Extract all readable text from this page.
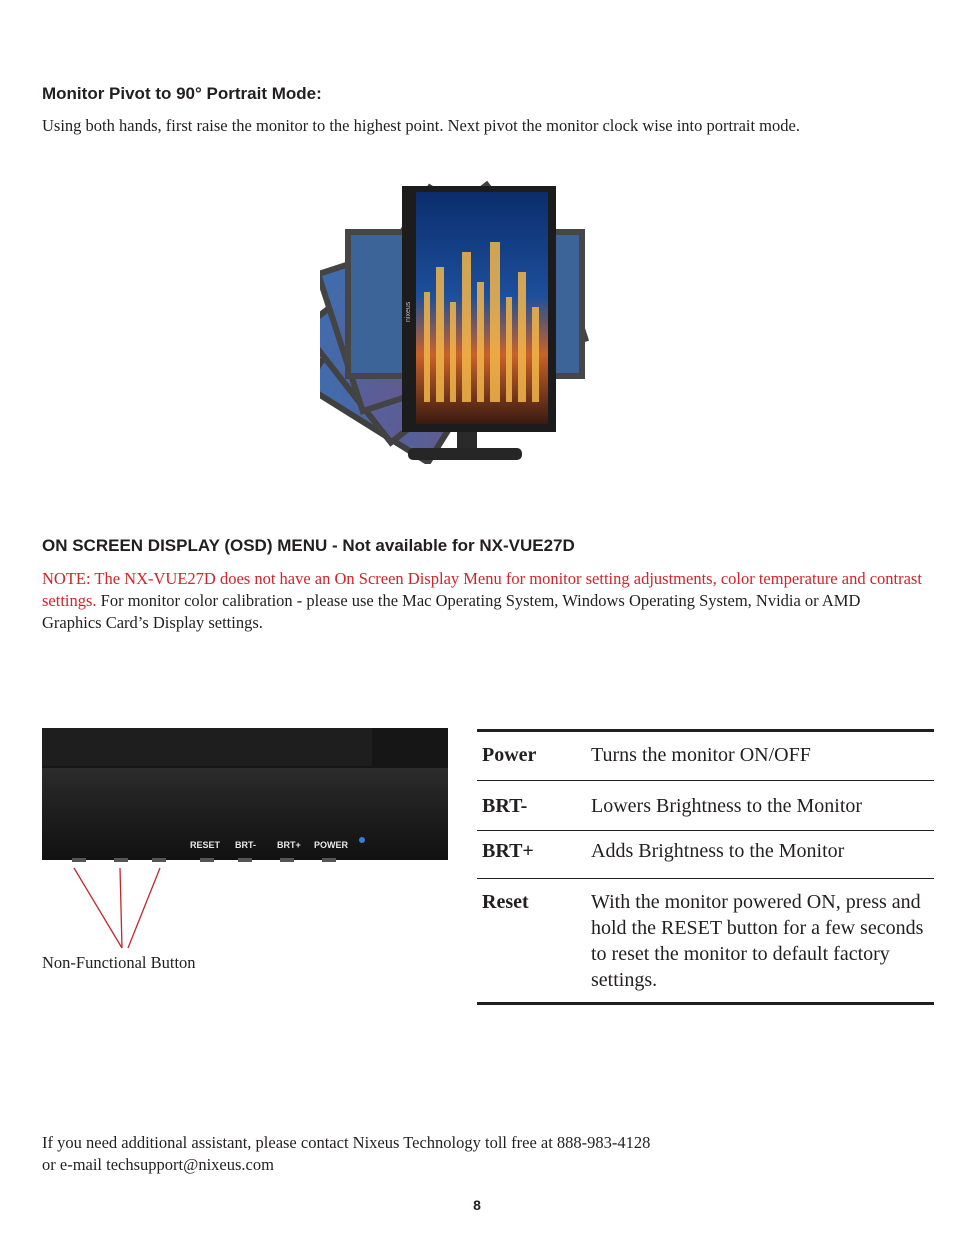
Monitor Pivot to 90° Portrait Mode:

Using both hands, first raise the monitor to the highest point. Next pivot the monitor clock wise into portrait mode.

nixeus
ON SCREEN DISPLAY (OSD) MENU - Not available for NX-VUE27D

NOTE: The NX-VUE27D does not have an On Screen Display Menu for monitor setting adjustments, color temperature and contrast settings. For monitor color calibration - please use the Mac Operating System, Windows Operating System, Nvidia or AMD Graphics Card’s Display settings.

RESET BRT- BRT+ POWER
Non-Functional Button
Power	Turns the monitor ON/OFF
BRT-	Lowers Brightness to the Monitor
BRT+	Adds Brightness to the Monitor
Reset	With the monitor powered ON, press and hold the RESET button for a few seconds to reset the monitor to default factory settings.
If you need additional assistant, please contact Nixeus Technology toll free at 888-983-4128
or e-mail techsupport@nixeus.com
8
